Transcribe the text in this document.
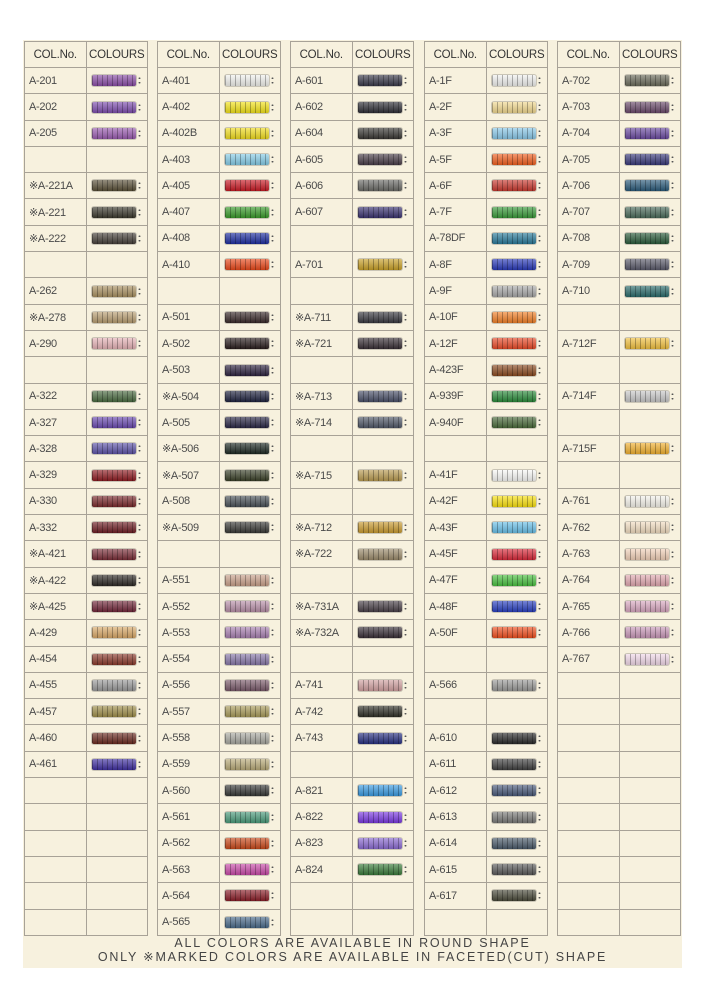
COL.No.	COLOURS
A-201	
A-202	
A-205	

※A-221A	
※A-221	
※A-222	

A-262	
※A-278	
A-290	

A-322	
A-327	
A-328	
A-329	
A-330	
A-332	
※A-421	
※A-422	
※A-425	
A-429	
A-454	
A-455	
A-457	
A-460	
A-461	

COL.No.	COLOURS
A-401	
A-402	
A-402B	
A-403	
A-405	
A-407	
A-408	
A-410	

A-501	
A-502	
A-503	
※A-504	
A-505	
※A-506	
※A-507	
A-508	
※A-509	

A-551	
A-552	
A-553	
A-554	
A-556	
A-557	
A-558	
A-559	
A-560	
A-561	
A-562	
A-563	
A-564	
A-565	
COL.No.	COLOURS
A-601	
A-602	
A-604	
A-605	
A-606	
A-607	

A-701	

※A-711	
※A-721	

※A-713	
※A-714	

※A-715	

※A-712	
※A-722	

※A-731A	
※A-732A	

A-741	
A-742	
A-743	

A-821	
A-822	
A-823	
A-824	

COL.No.	COLOURS
A-1F	
A-2F	
A-3F	
A-5F	
A-6F	
A-7F	
A-78DF	
A-8F	
A-9F	
A-10F	
A-12F	
A-423F	
A-939F	
A-940F	

A-41F	
A-42F	
A-43F	
A-45F	
A-47F	
A-48F	
A-50F	

A-566	

A-610	
A-611	
A-612	
A-613	
A-614	
A-615	
A-617	

COL.No.	COLOURS
A-702	
A-703	
A-704	
A-705	
A-706	
A-707	
A-708	
A-709	
A-710	

A-712F	

A-714F	

A-715F	

A-761	
A-762	
A-763	
A-764	
A-765	
A-766	
A-767	

ALL COLORS ARE AVAILABLE IN ROUND SHAPE
ONLY ※MARKED COLORS ARE AVAILABLE IN FACETED(CUT) SHAPE
